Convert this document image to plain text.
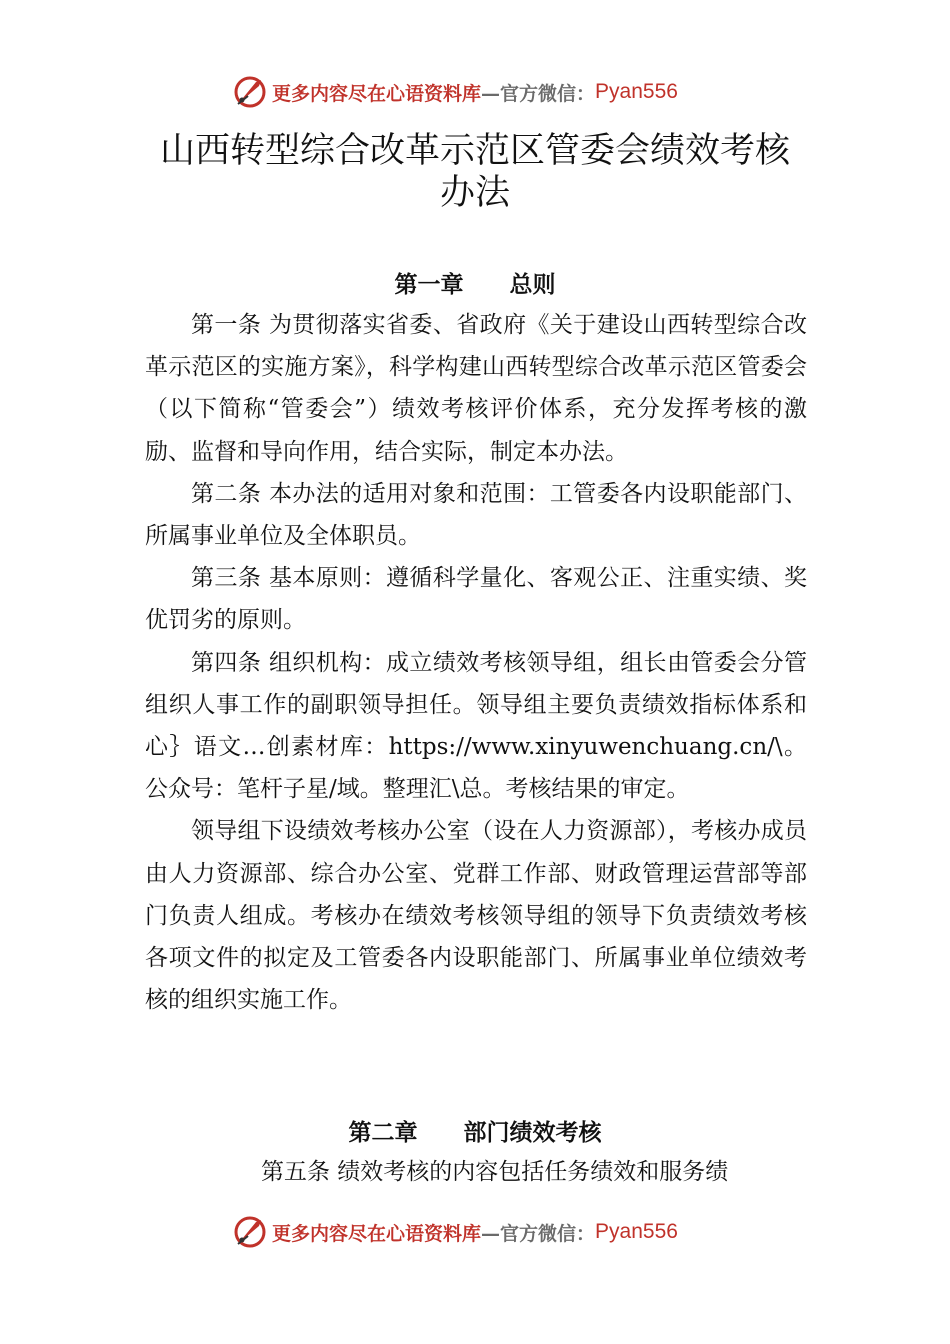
更多内容尽在心语资料库 —官方微信： Pyan556
山西转型综合改革示范区管委会绩效考核
办法
第一章　　总则

第一条 为贯彻落实省委、省政府《关于建设山西转型综合改革示范区的实施方案》，科学构建山西转型综合改革示范区管委会（以下简称“管委会”）绩效考核评价体系，充分发挥考核的激励、监督和导向作用，结合实际，制定本办法。

第二条 本办法的适用对象和范围：工管委各内设职能部门、所属事业单位及全体职员。

第三条 基本原则：遵循科学量化、客观公正、注重实绩、奖优罚劣的原则。

第四条 组织机构：成立绩效考核领导组，组长由管委会分管组织人事工作的副职领导担任。领导组主要负责绩效指标体系和心｝语文…创素材库：https://www.xinyuwenchuang.cn/\。公众号：笔杆子星/域。整理汇\总。考核结果的审定。

领导组下设绩效考核办公室（设在人力资源部），考核办成员由人力资源部、综合办公室、党群工作部、财政管理运营部等部门负责人组成。考核办在绩效考核领导组的领导下负责绩效考核各项文件的拟定及工管委各内设职能部门、所属事业单位绩效考核的组织实施工作。

第二章　　部门绩效考核

第五条 绩效考核的内容包括任务绩效和服务绩

更多内容尽在心语资料库 —官方微信： Pyan556
